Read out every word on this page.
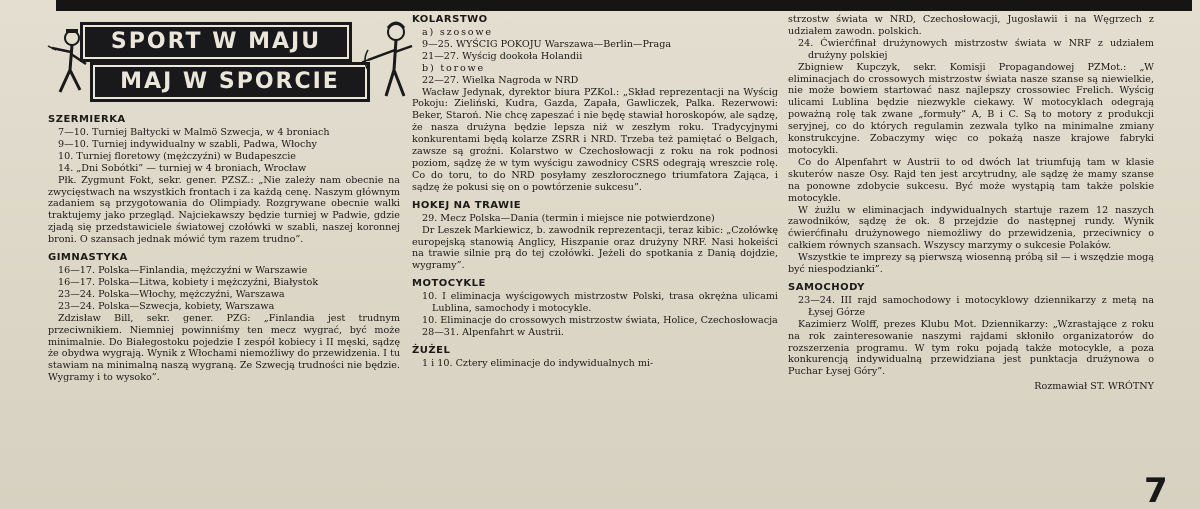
SPORT W MAJU
MAJ W SPORCIE
SZERMIERKA

7—10. Turniej Bałtycki w Malmö Szwecja, w 4 broniach

9—10. Turniej indywidualny w szabli, Padwa, Włochy

10. Turniej floretowy (mężczyźni) w Budapeszcie

14. „Dni Sobótki” — turniej w 4 broniach, Wrocław

Płk. Zygmunt Fokt, sekr. gener. PZSZ.: „Nie zależy nam obecnie na zwycięstwach na wszystkich frontach i za każdą cenę. Naszym głównym zadaniem są przygotowania do Olimpiady. Rozgrywane obecnie walki traktujemy jako przegląd. Najciekawszy będzie turniej w Padwie, gdzie zjadą się przedstawiciele światowej czołówki w szabli, naszej koronnej broni. O szansach jednak mówić tym razem trudno”.

GIMNASTYKA

16—17. Polska—Finlandia, mężczyźni w Warszawie

16—17. Polska—Litwa, kobiety i mężczyźni, Białystok

23—24. Polska—Włochy, mężczyźni, Warszawa

23—24. Polska—Szwecja, kobiety, Warszawa

Zdzisław Bill, sekr. gener. PZG: „Finlandia jest trudnym przeciwnikiem. Niemniej powinniśmy ten mecz wygrać, być może minimalnie. Do Białegostoku pojedzie I zespół kobiecy i II męski, sądzę że obydwa wygrają. Wynik z Włochami niemożliwy do przewidzenia. I tu stawiam na minimalną naszą wygraną. Ze Szwecją trudności nie będzie. Wygramy i to wysoko”.

KOLARSTWO

a) szosowe

9—25. WYŚCIG POKOJU Warszawa—Berlin—Praga

21—27. Wyścig dookoła Holandii

b) torowe

22—27. Wielka Nagroda w NRD

Wacław Jedynak, dyrektor biura PZKol.: „Skład reprezentacji na Wyścig Pokoju: Zieliński, Kudra, Gazda, Zapała, Gawliczek, Palka. Rezerwowi: Beker, Staroń. Nie chcę zapeszać i nie będę stawiał horoskopów, ale sądzę, że nasza drużyna będzie lepsza niż w zeszłym roku. Tradycyjnymi konkurentami będą kolarze ZSRR i NRD. Trzeba też pamiętać o Belgach, zawsze są groźni. Kolarstwo w Czechosłowacji z roku na rok podnosi poziom, sądzę że w tym wyścigu zawodnicy CSRS odegrają wreszcie rolę. Co do toru, to do NRD posyłamy zeszłorocznego triumfatora Zająca, i sądzę że pokusi się on o powtórzenie sukcesu”.

HOKEJ NA TRAWIE

29. Mecz Polska—Dania (termin i miejsce nie potwierdzone)

Dr Leszek Markiewicz, b. zawodnik reprezentacji, teraz kibic: „Czołówkę europejską stanowią Anglicy, Hiszpanie oraz drużyny NRF. Nasi hokeiści na trawie silnie prą do tej czołówki. Jeżeli do spotkania z Danią dojdzie, wygramy”.

MOTOCYKLE

10. I eliminacja wyścigowych mistrzostw Polski, trasa okrężna ulicami Lublina, samochody i motocykle.

10. Eliminacje do crossowych mistrzostw świata, Holice, Czechosłowacja

28—31. Alpenfahrt w Austrii.

ŻUŻEL

1 i 10. Cztery eliminacje do indywidualnych mi-

strzostw świata w NRD, Czechosłowacji, Jugosławii i na Węgrzech z udziałem zawodn. polskich.

24. Ćwierćfinał drużynowych mistrzostw świata w NRF z udziałem drużyny polskiej

Zbigniew Kupczyk, sekr. Komisji Propagandowej PZMot.: „W eliminacjach do crossowych mistrzostw świata nasze szanse są niewielkie, nie może bowiem startować nasz najlepszy crossowiec Frelich. Wyścig ulicami Lublina będzie niezwykle ciekawy. W motocyklach odegrają poważną rolę tak zwane „formuły” A, B i C. Są to motory z produkcji seryjnej, co do których regulamin zezwala tylko na minimalne zmiany konstrukcyjne. Zobaczymy więc co pokażą nasze krajowe fabryki motocykli.

Co do Alpenfahrt w Austrii to od dwóch lat triumfują tam w klasie skuterów nasze Osy. Rajd ten jest arcytrudny, ale sądzę że mamy szanse na ponowne zdobycie sukcesu. Być może wystąpią tam także polskie motocykle.

W żużlu w eliminacjach indywidualnych startuje razem 12 naszych zawodników, sądzę że ok. 8 przejdzie do następnej rundy. Wynik ćwierćfinału drużynowego niemożliwy do przewidzenia, przeciwnicy o całkiem równych szansach. Wszyscy marzymy o sukcesie Polaków.

Wszystkie te imprezy są pierwszą wiosenną próbą sił — i wszędzie mogą być niespodzianki”.

SAMOCHODY

23—24. III rajd samochodowy i motocyklowy dziennikarzy z metą na Łysej Górze

Kazimierz Wolff, prezes Klubu Mot. Dziennikarzy: „Wzrastające z roku na rok zainteresowanie naszymi rajdami skłoniło organizatorów do rozszerzenia programu. W tym roku pojadą także motocykle, a poza konkurencją indywidualną przewidziana jest punktacja drużynowa o Puchar Łysej Góry”.

Rozmawiał ST. WRÓTNY

7
